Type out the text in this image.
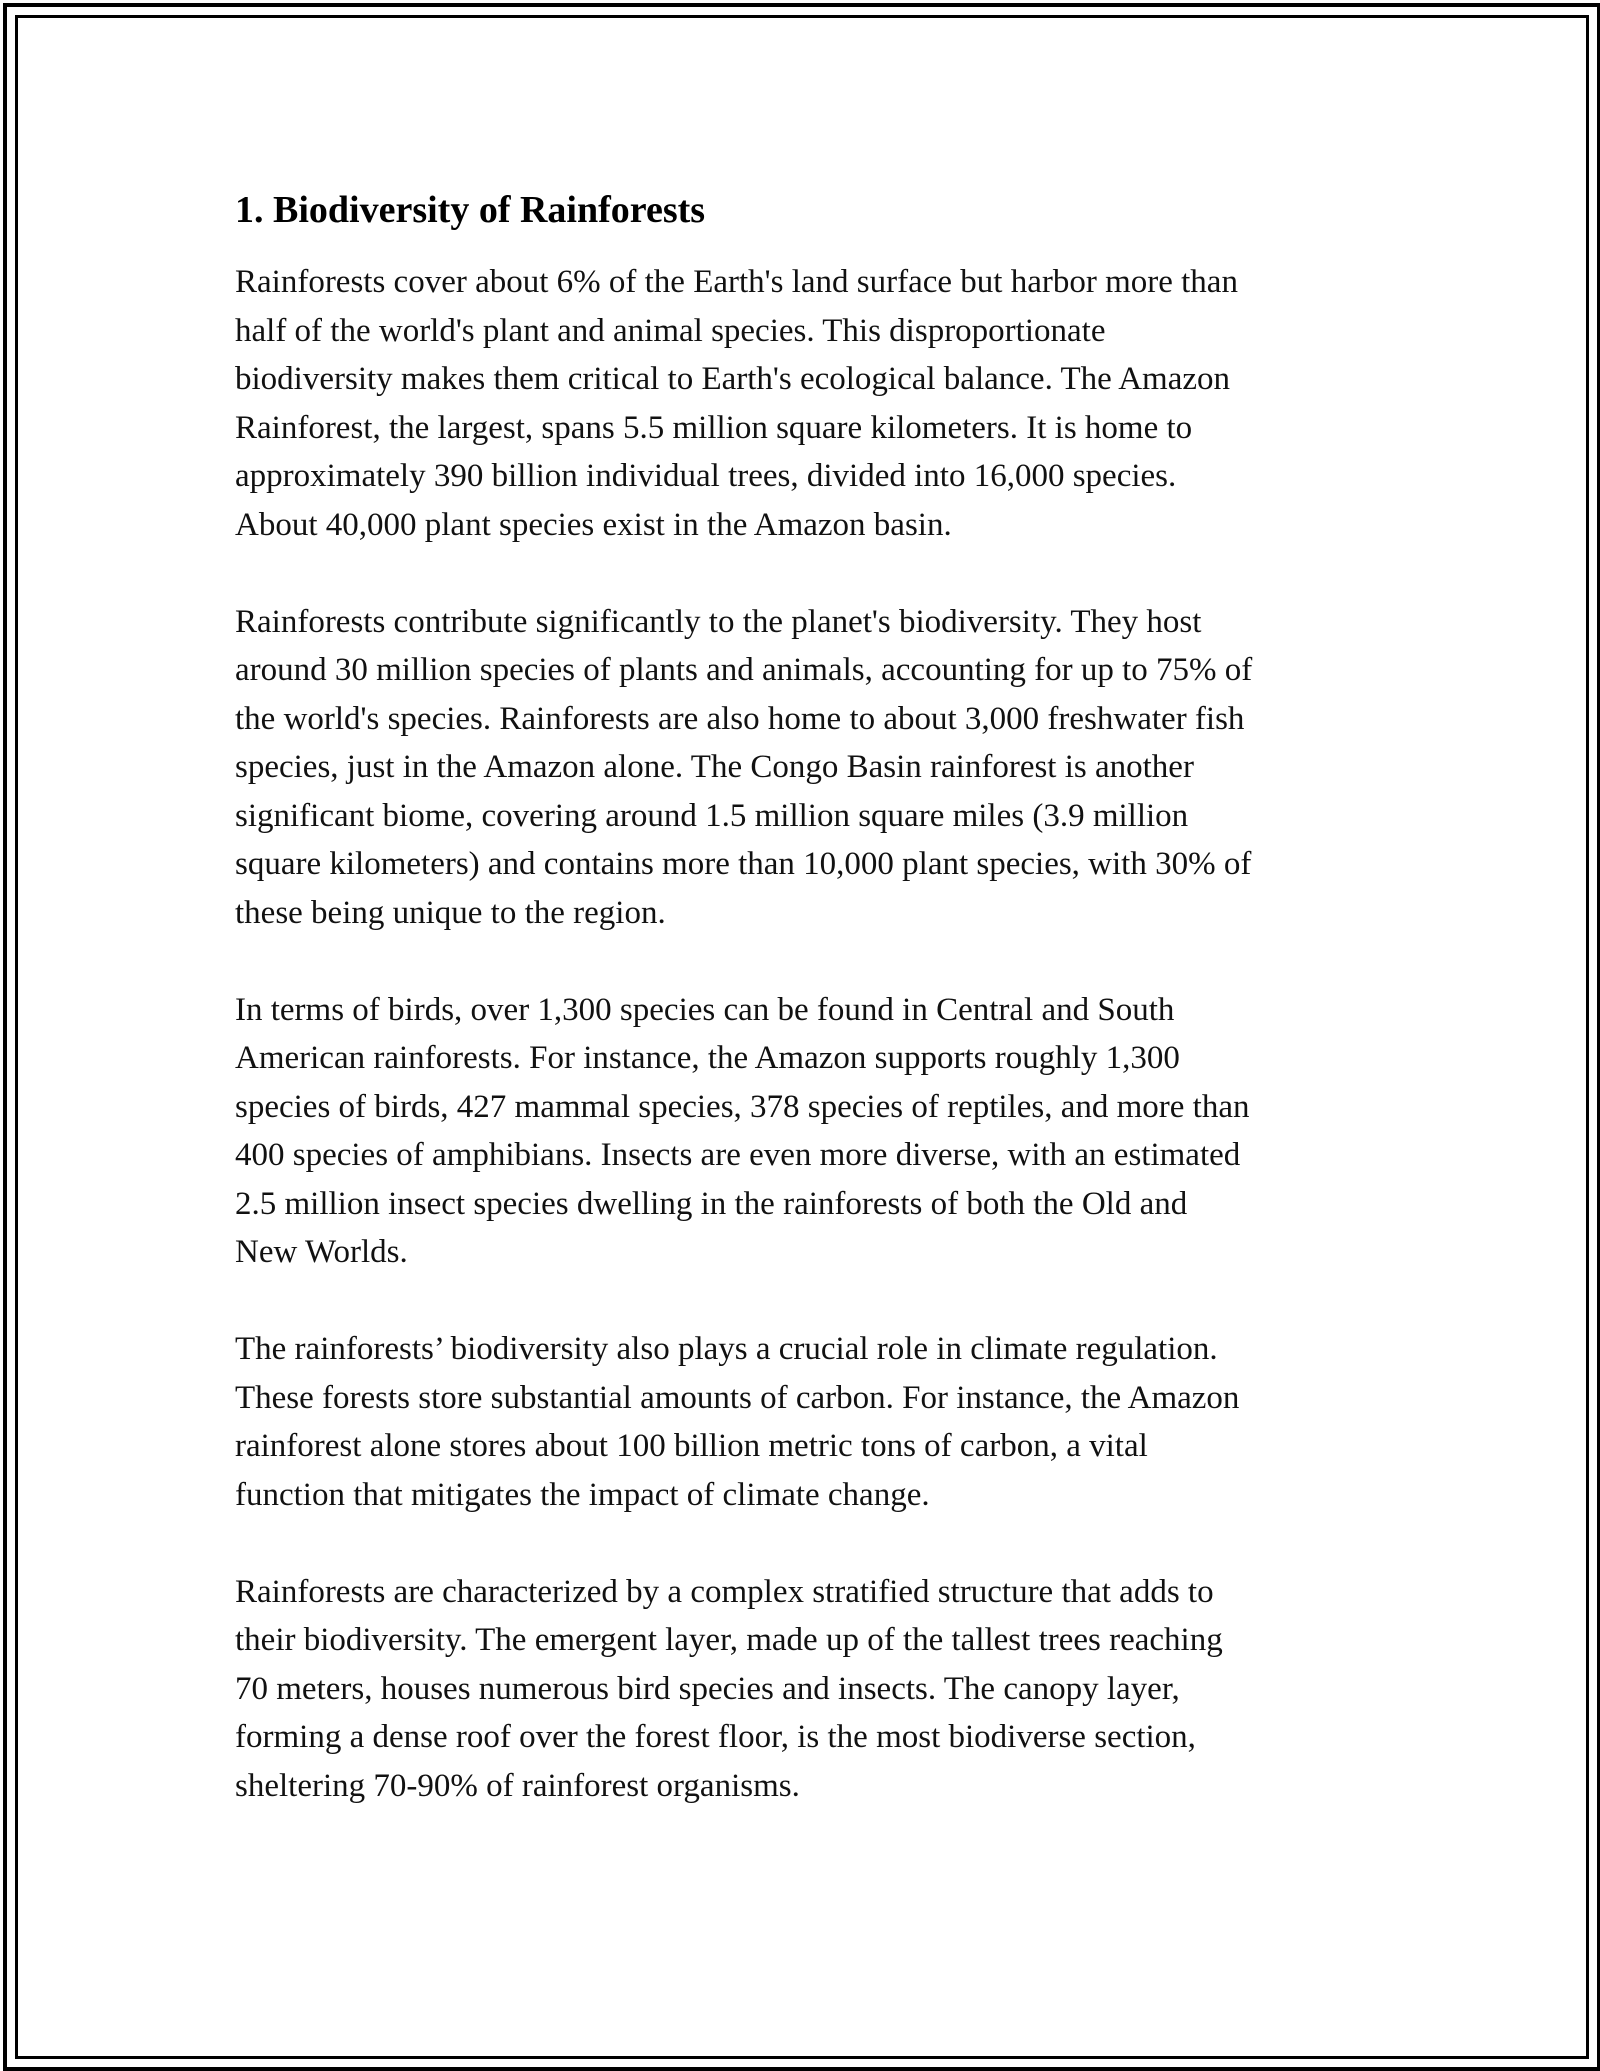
1. Biodiversity of Rainforests

Rainforests cover about 6% of the Earth's land surface but harbor more than
half of the world's plant and animal species. This disproportionate
biodiversity makes them critical to Earth's ecological balance. The Amazon
Rainforest, the largest, spans 5.5 million square kilometers. It is home to
approximately 390 billion individual trees, divided into 16,000 species.
About 40,000 plant species exist in the Amazon basin.

Rainforests contribute significantly to the planet's biodiversity. They host
around 30 million species of plants and animals, accounting for up to 75% of
the world's species. Rainforests are also home to about 3,000 freshwater fish
species, just in the Amazon alone. The Congo Basin rainforest is another
significant biome, covering around 1.5 million square miles (3.9 million
square kilometers) and contains more than 10,000 plant species, with 30% of
these being unique to the region.

In terms of birds, over 1,300 species can be found in Central and South
American rainforests. For instance, the Amazon supports roughly 1,300
species of birds, 427 mammal species, 378 species of reptiles, and more than
400 species of amphibians. Insects are even more diverse, with an estimated
2.5 million insect species dwelling in the rainforests of both the Old and
New Worlds.

The rainforests’ biodiversity also plays a crucial role in climate regulation.
These forests store substantial amounts of carbon. For instance, the Amazon
rainforest alone stores about 100 billion metric tons of carbon, a vital
function that mitigates the impact of climate change.

Rainforests are characterized by a complex stratified structure that adds to
their biodiversity. The emergent layer, made up of the tallest trees reaching
70 meters, houses numerous bird species and insects. The canopy layer,
forming a dense roof over the forest floor, is the most biodiverse section,
sheltering 70-90% of rainforest organisms.
